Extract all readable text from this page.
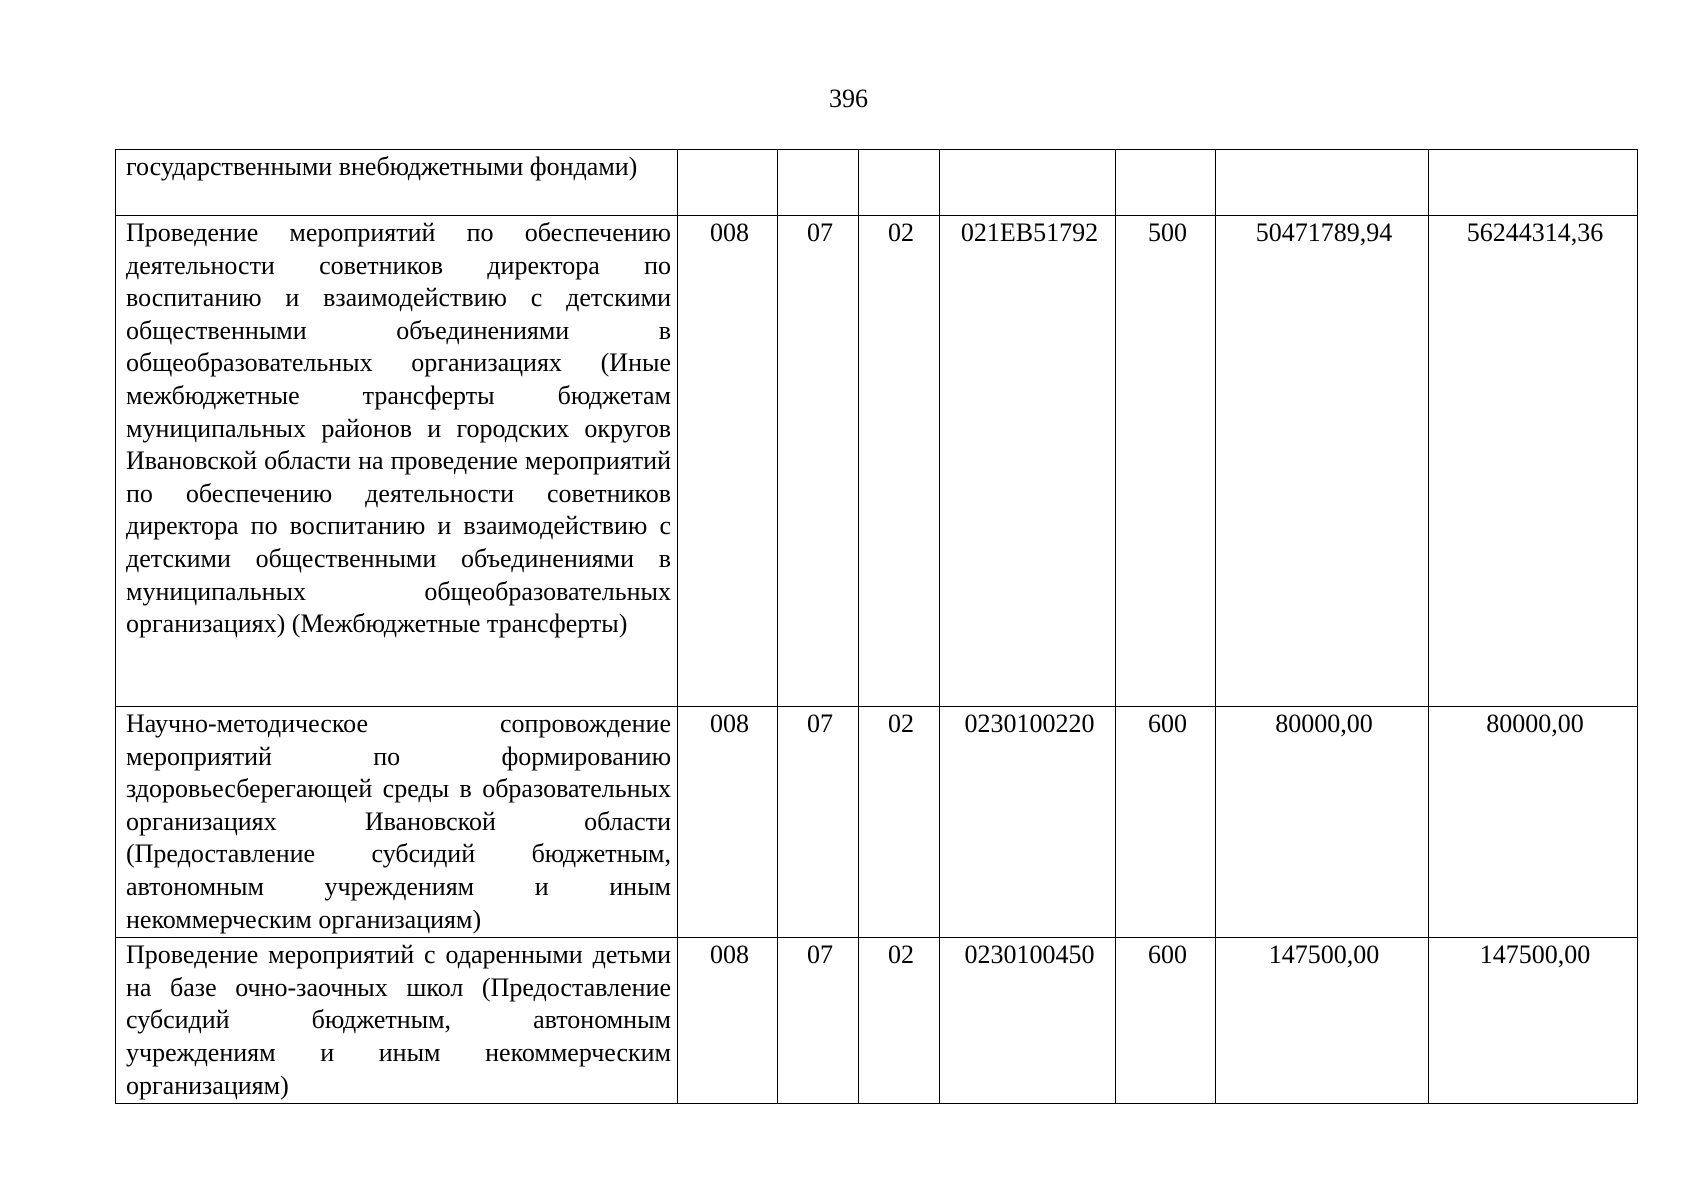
396
государственными внебюджетными фондами)							

Проведение мероприятий по обеспечению деятельности советников директора по воспитанию и взаимодействию с детскими общественными объединениями в общеобразовательных организациях (Иные межбюджетные трансферты бюджетам муниципальных районов и городских округов Ивановской области на проведение мероприятий по обеспечению деятельности советников директора по воспитанию и взаимодействию с детскими общественными объединениями в муниципальных общеобразовательных организациях) (Межбюджетные трансферты)	008	07	02	021EB51792	500	50471789,94	56244314,36

Научно-методическое сопровождение мероприятий по формированию здоровьесберегающей среды в образовательных организациях Ивановской области (Предоставление субсидий бюджетным, автономным учреждениям и иным некоммерческим организациям)	008	07	02	0230100220	600	80000,00	80000,00

Проведение мероприятий с одаренными детьми на базе очно-заочных школ (Предоставление субсидий бюджетным, автономным учреждениям и иным некоммерческим организациям)	008	07	02	0230100450	600	147500,00	147500,00
